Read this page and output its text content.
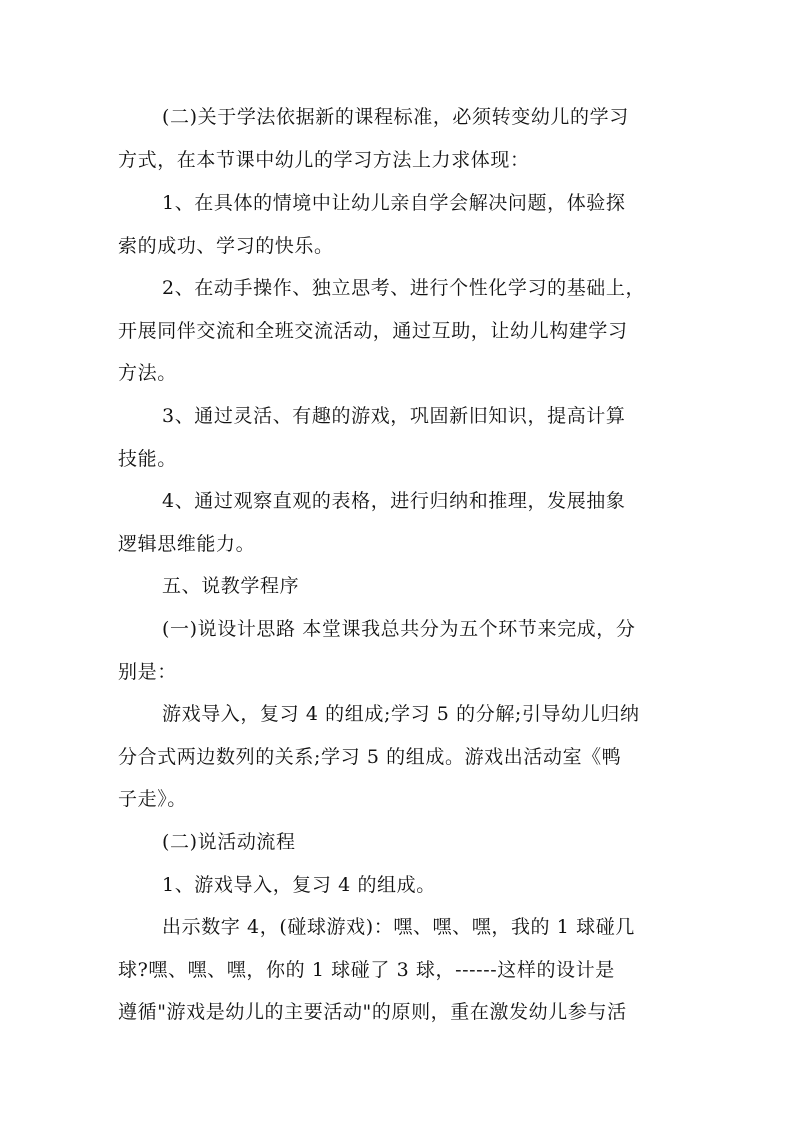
(二)关于学法依据新的课程标准，必须转变幼儿的学习

方式，在本节课中幼儿的学习方法上力求体现：

1、在具体的情境中让幼儿亲自学会解决问题，体验探

索的成功、学习的快乐。

2、在动手操作、独立思考、进行个性化学习的基础上，

开展同伴交流和全班交流活动，通过互助，让幼儿构建学习

方法。

3、通过灵活、有趣的游戏，巩固新旧知识，提高计算

技能。

4、通过观察直观的表格，进行归纳和推理，发展抽象

逻辑思维能力。

五、说教学程序

(一)说设计思路 本堂课我总共分为五个环节来完成，分

别是：

游戏导入，复习 4 的组成;学习 5 的分解;引导幼儿归纳

分合式两边数列的关系;学习 5 的组成。游戏出活动室《鸭

子走》。

(二)说活动流程

1、游戏导入，复习 4 的组成。

出示数字 4，(碰球游戏)：嘿、嘿、嘿，我的 1 球碰几

球?嘿、嘿、嘿，你的 1 球碰了 3 球，------这样的设计是

遵循"游戏是幼儿的主要活动"的原则，重在激发幼儿参与活
